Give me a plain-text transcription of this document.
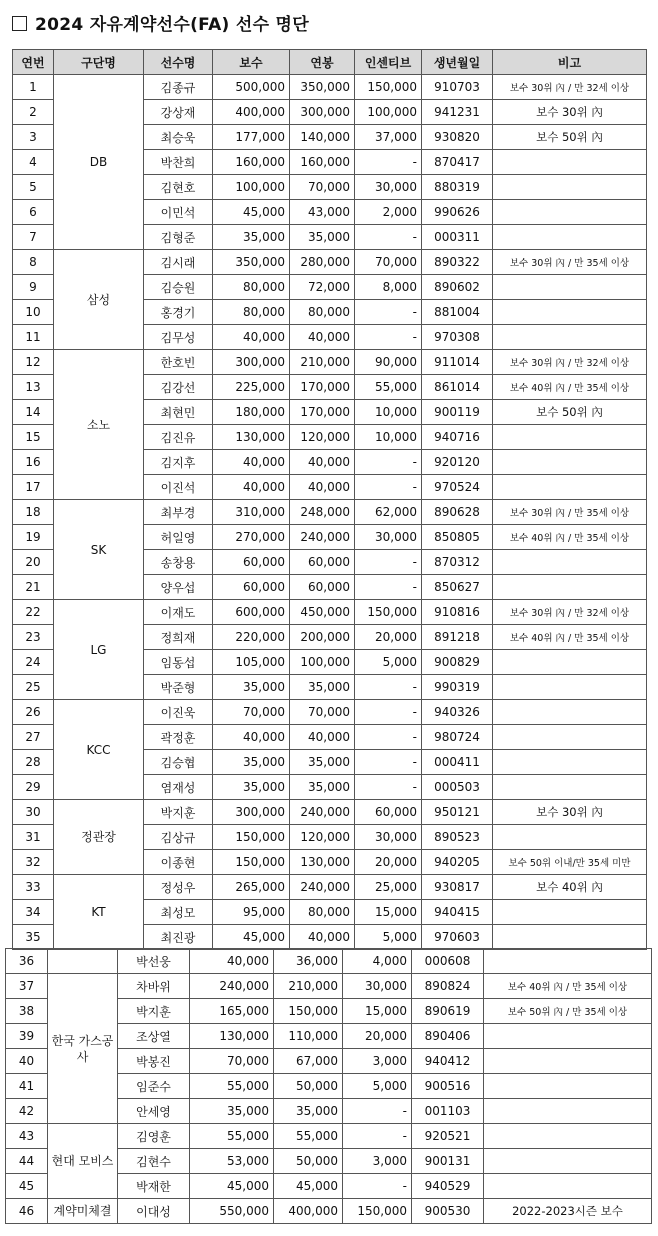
2024 자유계약선수(FA) 선수 명단
연번	구단명	선수명	보수	연봉	인센티브	생년월일	비고
1	DB	김종규	500,000	350,000	150,000	910703	보수 30위 內 / 만 32세 이상
2		강상재	400,000	300,000	100,000	941231	보수 30위 內
3		최승욱	177,000	140,000	37,000	930820	보수 50위 內
4		박찬희	160,000	160,000	-	870417	
5		김현호	100,000	70,000	30,000	880319	
6		이민석	45,000	43,000	2,000	990626	
7		김형준	35,000	35,000	-	000311	
8	삼성	김시래	350,000	280,000	70,000	890322	보수 30위 內 / 만 35세 이상
9		김승원	80,000	72,000	8,000	890602	
10		홍경기	80,000	80,000	-	881004	
11		김무성	40,000	40,000	-	970308	
12	소노	한호빈	300,000	210,000	90,000	911014	보수 30위 內 / 만 32세 이상
13		김강선	225,000	170,000	55,000	861014	보수 40위 內 / 만 35세 이상
14		최현민	180,000	170,000	10,000	900119	보수 50위 內
15		김진유	130,000	120,000	10,000	940716	
16		김지후	40,000	40,000	-	920120	
17		이진석	40,000	40,000	-	970524	
18	SK	최부경	310,000	248,000	62,000	890628	보수 30위 內 / 만 35세 이상
19		허일영	270,000	240,000	30,000	850805	보수 40위 內 / 만 35세 이상
20		송창용	60,000	60,000	-	870312	
21		양우섭	60,000	60,000	-	850627	
22	LG	이재도	600,000	450,000	150,000	910816	보수 30위 內 / 만 32세 이상
23		정희재	220,000	200,000	20,000	891218	보수 40위 內 / 만 35세 이상
24		임동섭	105,000	100,000	5,000	900829	
25		박준형	35,000	35,000	-	990319	
26	KCC	이진욱	70,000	70,000	-	940326	
27		곽정훈	40,000	40,000	-	980724	
28		김승협	35,000	35,000	-	000411	
29		염재성	35,000	35,000	-	000503	
30	정관장	박지훈	300,000	240,000	60,000	950121	보수 30위 內
31		김상규	150,000	120,000	30,000	890523	
32		이종현	150,000	130,000	20,000	940205	보수 50위 이내/만 35세 미만
33	KT	정성우	265,000	240,000	25,000	930817	보수 40위 內
34		최성모	95,000	80,000	15,000	940415	
35		최진광	45,000	40,000	5,000	970603	
36		박선웅	40,000	36,000	4,000	000608	
37	한국 가스공사	차바위	240,000	210,000	30,000	890824	보수 40위 內 / 만 35세 이상
38		박지훈	165,000	150,000	15,000	890619	보수 50위 內 / 만 35세 이상
39		조상열	130,000	110,000	20,000	890406	
40		박봉진	70,000	67,000	3,000	940412	
41		임준수	55,000	50,000	5,000	900516	
42		안세영	35,000	35,000	-	001103	
43	현대 모비스	김영훈	55,000	55,000	-	920521	
44		김현수	53,000	50,000	3,000	900131	
45		박재한	45,000	45,000	-	940529	
46	계약미체결	이대성	550,000	400,000	150,000	900530	2022-2023시즌 보수
